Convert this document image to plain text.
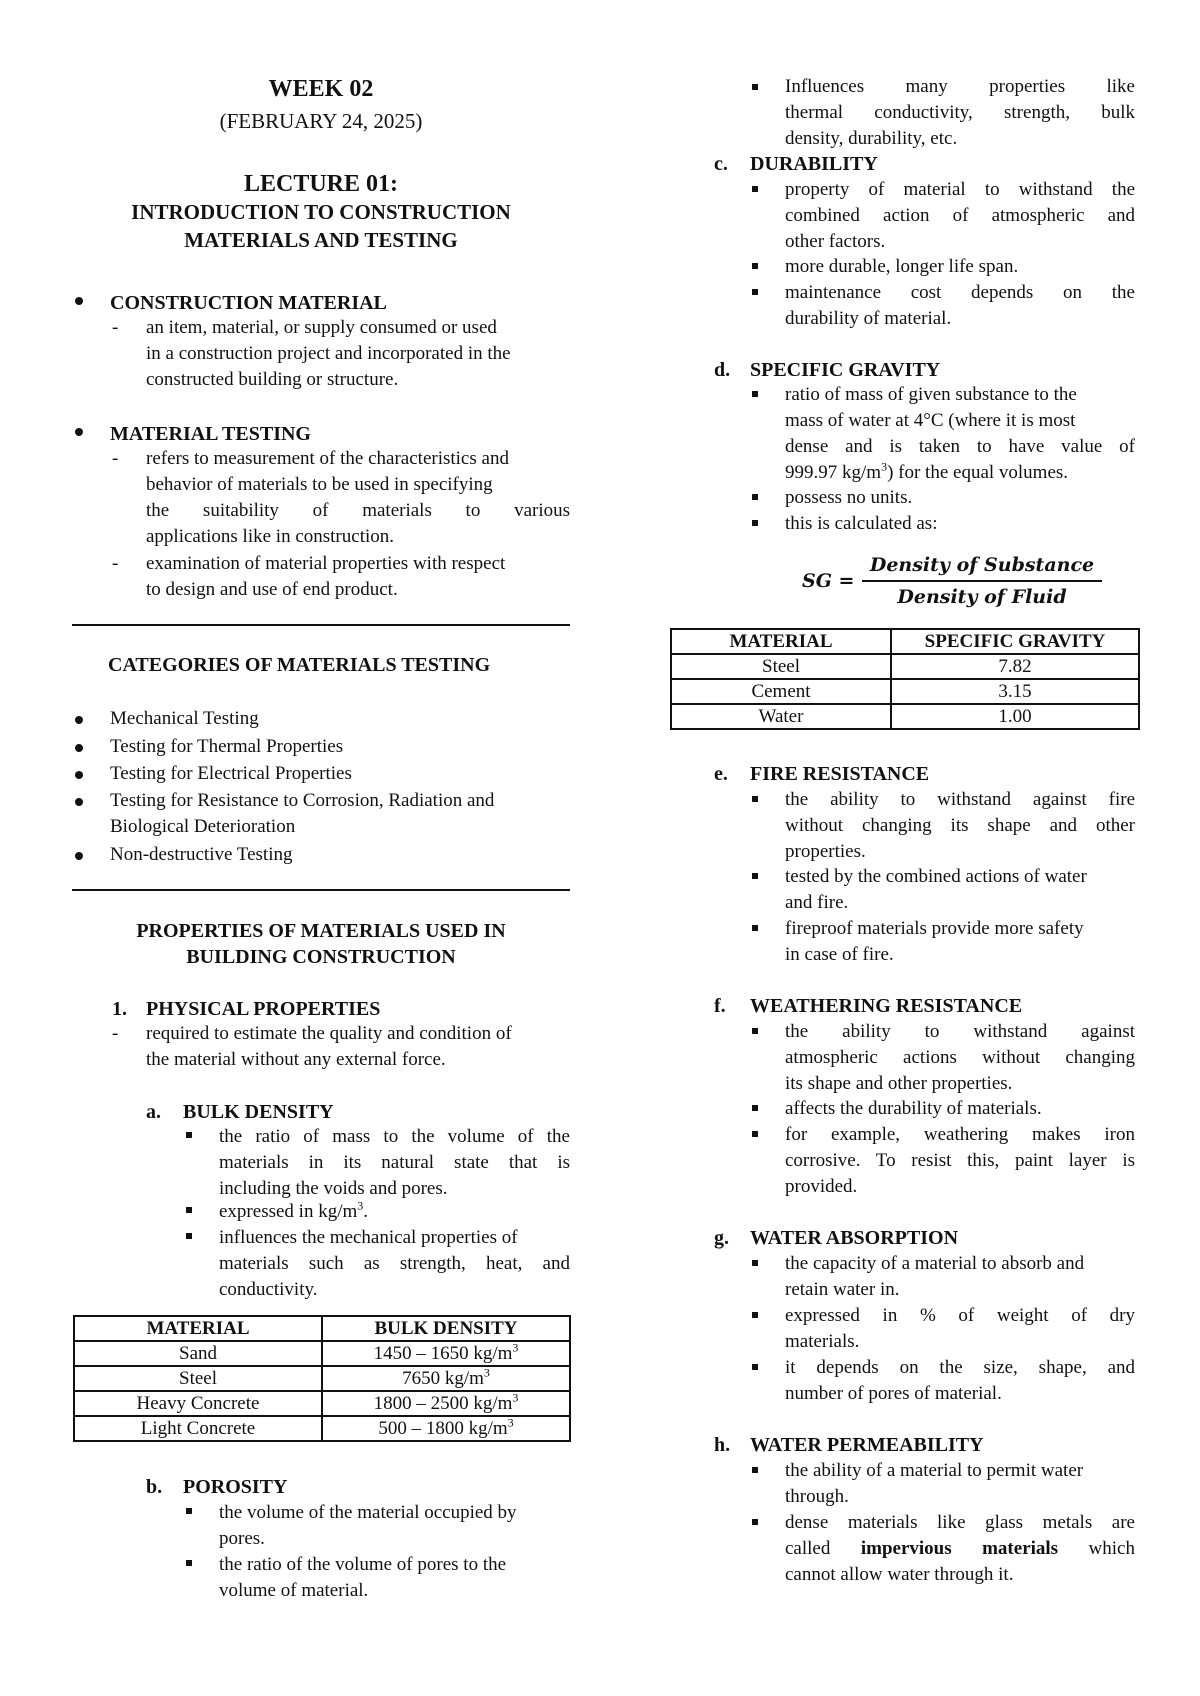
WEEK 02
(FEBRUARY 24, 2025)
LECTURE 01:
INTRODUCTION TO CONSTRUCTION
MATERIALS AND TESTING
CONSTRUCTION MATERIAL
- an item, material, or supply consumed or used
in a construction project and incorporated in the
constructed building or structure.
MATERIAL TESTING
- refers to measurement of the characteristics and
behavior of materials to be used in specifying
the suitability of materials to various
applications like in construction.
- examination of material properties with respect
to design and use of end product.
CATEGORIES OF MATERIALS TESTING
Mechanical Testing
Testing for Thermal Properties
Testing for Electrical Properties
Testing for Resistance to Corrosion, Radiation and
Biological Deterioration
Non-destructive Testing
PROPERTIES OF MATERIALS USED IN
BUILDING CONSTRUCTION
1. PHYSICAL PROPERTIES
- required to estimate the quality and condition of
the material without any external force.
a. BULK DENSITY
the ratio of mass to the volume of the
materials in its natural state that is
including the voids and pores.
expressed in $kg/m^3$.
influences the mechanical properties of
materials such as strength, heat, and
conductivity.
MATERIAL	BULK DENSITY
Sand	1450 – 1650 $kg/m^3$
Steel	7650 $kg/m^3$
Heavy Concrete	1800 – 2500 $kg/m^3$
Light Concrete	500 – 1800 $kg/m^3$
b. POROSITY
the volume of the material occupied by
pores.
the ratio of the volume of pores to the
volume of material.
Influences many properties like
thermal conductivity, strength, bulk
density, durability, etc.
c. DURABILITY
property of material to withstand the
combined action of atmospheric and
other factors.
more durable, longer life span.
maintenance cost depends on the
durability of material.
d. SPECIFIC GRAVITY
ratio of mass of given substance to the
mass of water at 4°C (where it is most
dense and is taken to have value of
999.97 $kg/m^3$) for the equal volumes.
possess no units.
this is calculated as:
SG =
Density of Substance
Density of Fluid
MATERIAL	SPECIFIC GRAVITY
Steel	7.82
Cement	3.15
Water	1.00
e. FIRE RESISTANCE
the ability to withstand against fire
without changing its shape and other
properties.
tested by the combined actions of water
and fire.
fireproof materials provide more safety
in case of fire.
f. WEATHERING RESISTANCE
the ability to withstand against
atmospheric actions without changing
its shape and other properties.
affects the durability of materials.
for example, weathering makes iron
corrosive. To resist this, paint layer is
provided.
g. WATER ABSORPTION
the capacity of a material to absorb and
retain water in.
expressed in % of weight of dry
materials.
it depends on the size, shape, and
number of pores of material.
h. WATER PERMEABILITY
the ability of a material to permit water
through.
dense materials like glass metals are
called impervious materials which
cannot allow water through it.
